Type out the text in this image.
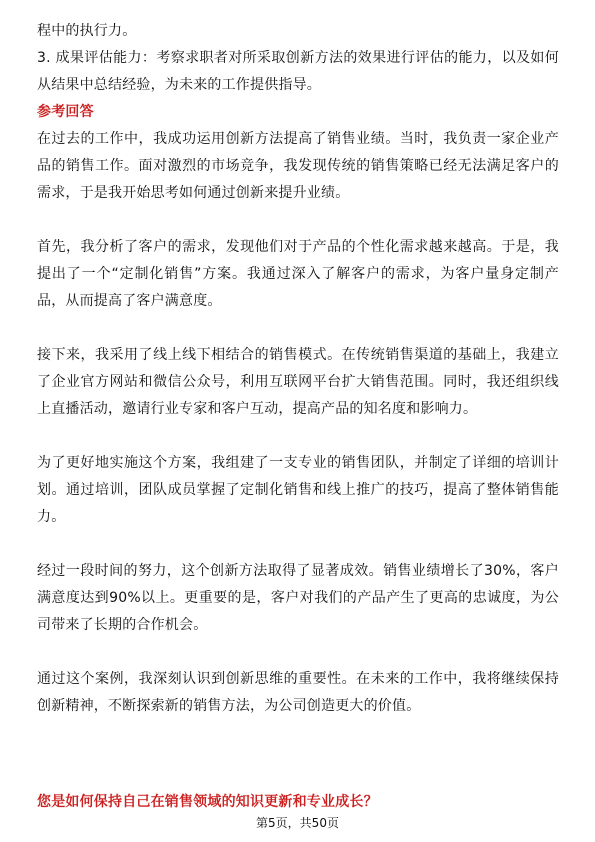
程中的执行力。

3. 成果评估能力：考察求职者对所采取创新方法的效果进行评估的能力，以及如何从结果中总结经验，为未来的工作提供指导。

参考回答

在过去的工作中，我成功运用创新方法提高了销售业绩。当时，我负责一家企业产品的销售工作。面对激烈的市场竞争，我发现传统的销售策略已经无法满足客户的需求，于是我开始思考如何通过创新来提升业绩。

首先，我分析了客户的需求，发现他们对于产品的个性化需求越来越高。于是，我提出了一个“定制化销售”方案。我通过深入了解客户的需求，为客户量身定制产品，从而提高了客户满意度。

接下来，我采用了线上线下相结合的销售模式。在传统销售渠道的基础上，我建立了企业官方网站和微信公众号，利用互联网平台扩大销售范围。同时，我还组织线上直播活动，邀请行业专家和客户互动，提高产品的知名度和影响力。

为了更好地实施这个方案，我组建了一支专业的销售团队，并制定了详细的培训计划。通过培训，团队成员掌握了定制化销售和线上推广的技巧，提高了整体销售能力。

经过一段时间的努力，这个创新方法取得了显著成效。销售业绩增长了30%，客户满意度达到90%以上。更重要的是，客户对我们的产品产生了更高的忠诚度，为公司带来了长期的合作机会。

通过这个案例，我深刻认识到创新思维的重要性。在未来的工作中，我将继续保持创新精神，不断探索新的销售方法，为公司创造更大的价值。

您是如何保持自己在销售领域的知识更新和专业成长？
第5页，共50页
